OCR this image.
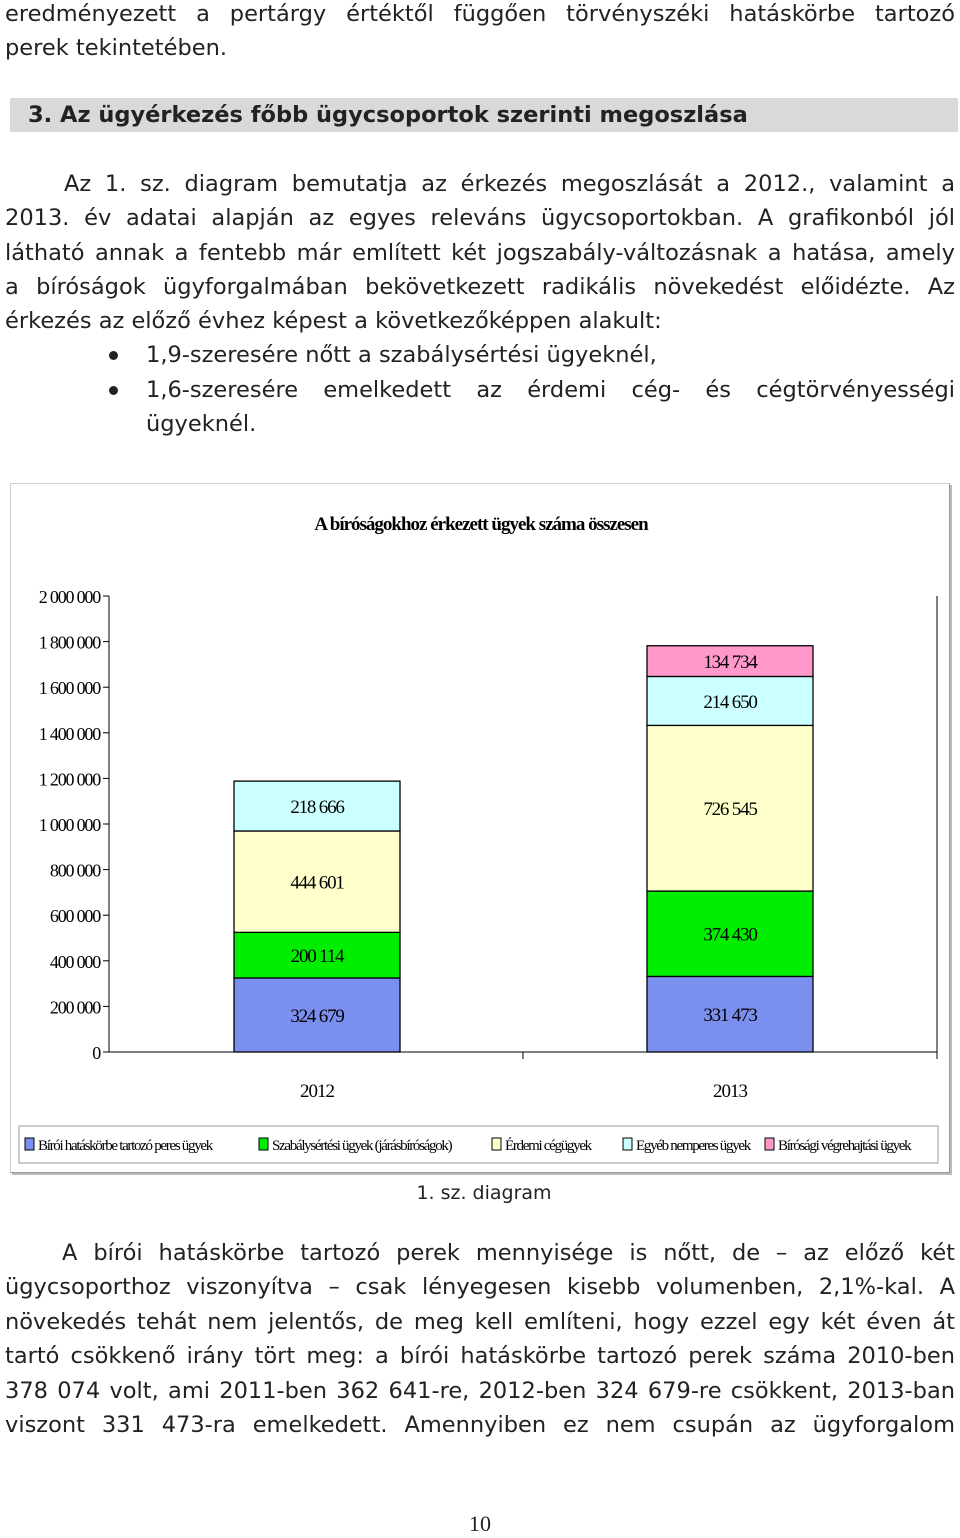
eredményezett a pertárgy értéktől függően törvényszéki hatáskörbe tartozó
perek tekintetében.
3. Az ügyérkezés főbb ügycsoportok szerinti megoszlása
Az 1. sz. diagram bemutatja az érkezés megoszlását a 2012., valamint a
2013. év adatai alapján az egyes releváns ügycsoportokban. A grafikonból jól
látható annak a fentebb már említett két jogszabály-változásnak a hatása, amely
a bíróságok ügyforgalmában bekövetkezett radikális növekedést előidézte. Az
érkezés az előző évhez képest a következőképpen alakult:
1,9-szeresére nőtt a szabálysértési ügyeknél,
1,6-szeresére emelkedett az érdemi cég- és cégtörvényességi
ügyeknél.
A bíróságokhoz érkezett ügyek száma összesen
0
200 000
400 000
600 000
800 000
1 000 000
1 200 000
1 400 000
1 600 000
1 800 000
2 000 000
324 679
200 114
444 601
218 666
331 473
374 430
726 545
214 650
134 734
2012	2013
Bírói hatáskörbe tartozó peres ügyek	Szabálysértési ügyek (járásbíróságok)	Érdemi cégügyek	Egyéb nemperes ügyek Bírósági végrehajtási ügyek
1. sz. diagram
A bírói hatáskörbe tartozó perek mennyisége is nőtt, de – az előző két
ügycsoporthoz viszonyítva – csak lényegesen kisebb volumenben, 2,1%-kal. A
növekedés tehát nem jelentős, de meg kell említeni, hogy ezzel egy két éven át
tartó csökkenő irány tört meg: a bírói hatáskörbe tartozó perek száma 2010-ben
378 074 volt, ami 2011-ben 362 641-re, 2012-ben 324 679-re csökkent, 2013-ban
viszont 331 473-ra emelkedett. Amennyiben ez nem csupán az ügyforgalom
10
